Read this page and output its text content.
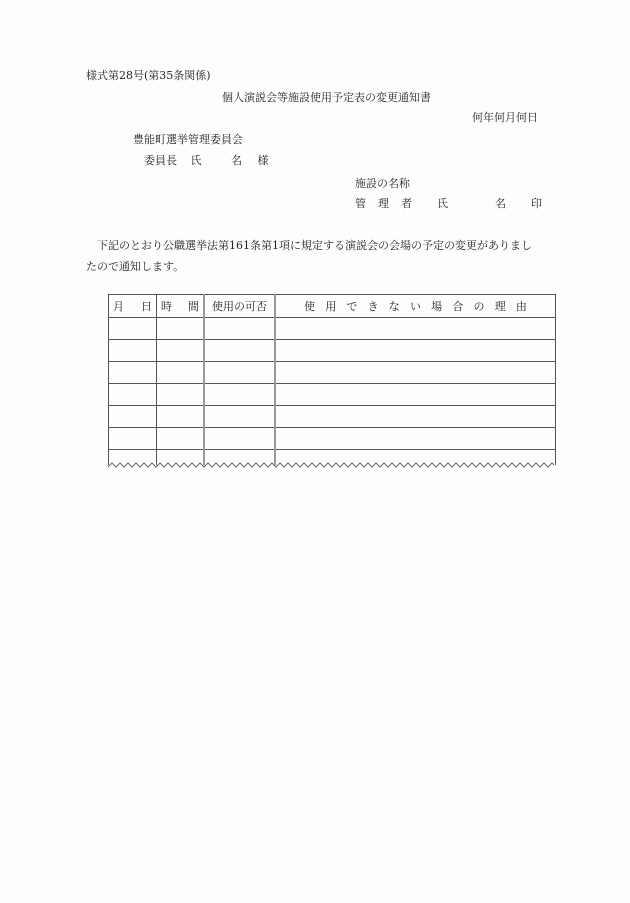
様式第28号(第35条関係)
個人演説会等施設使用予定表の変更通知書
何年何月何日
豊能町選挙管理委員会
委員長 氏	名 様
施設の名称
管 理 者 氏	名 印
下記のとおり公職選挙法第161条第1項に規定する演説会の会場の予定の変更がありまし
たので通知します。
月 日	時 間	使用の可否	使 用 で き な い 場 合 の 理 由
